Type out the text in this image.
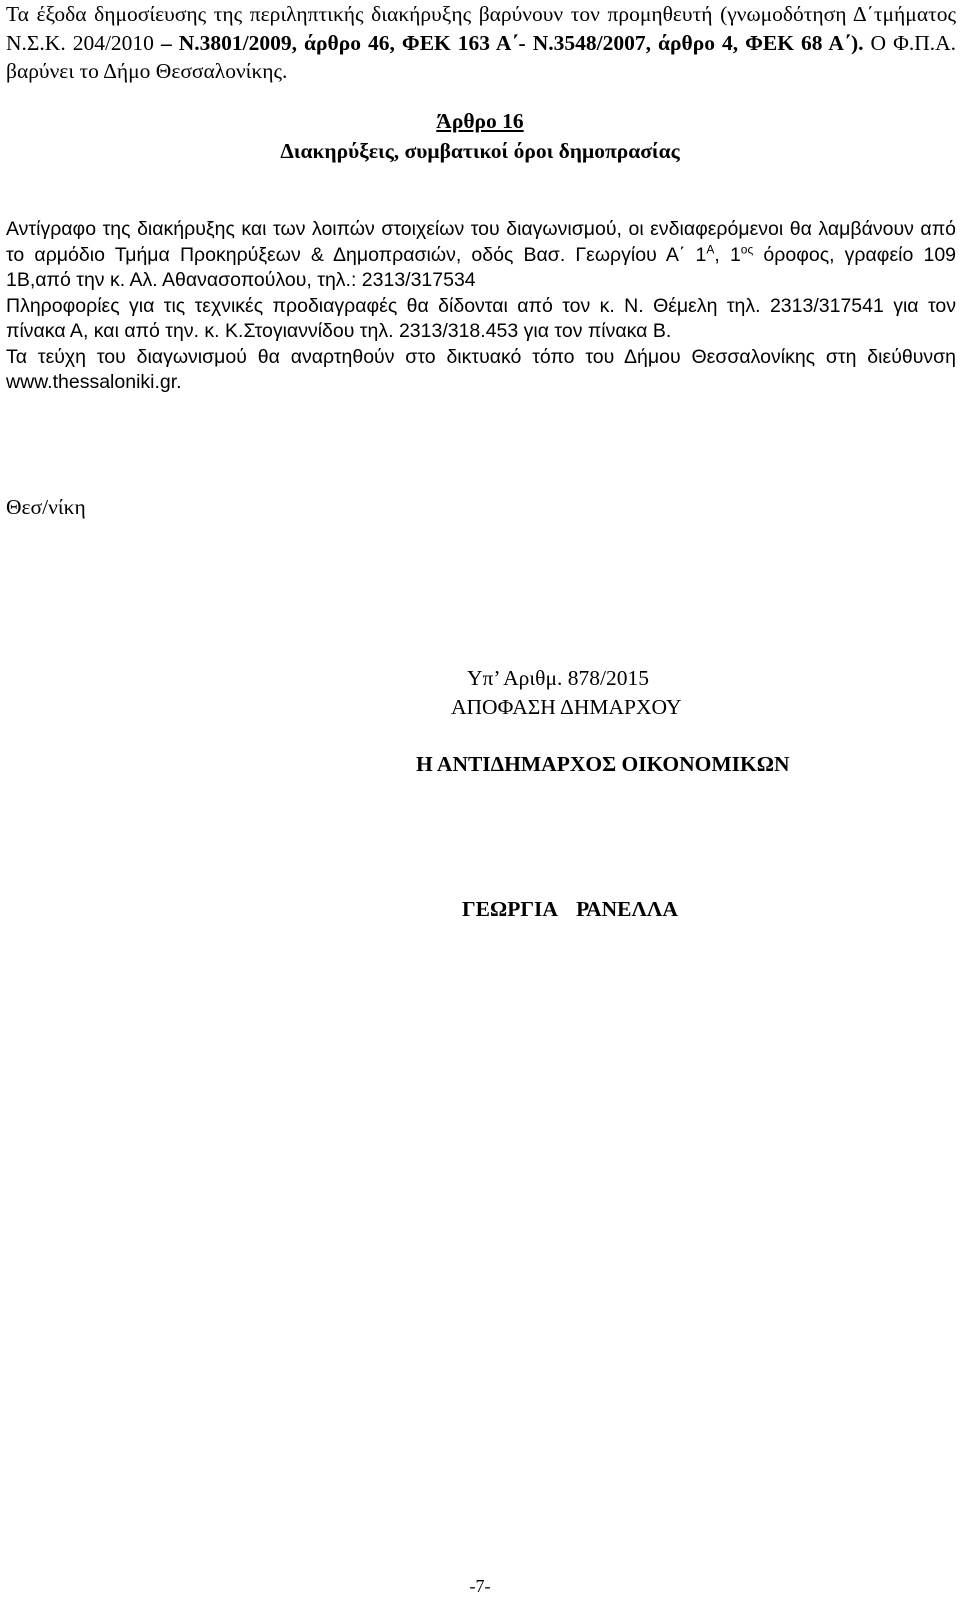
Τα έξοδα δημοσίευσης της περιληπτικής διακήρυξης βαρύνουν τον προμηθευτή (γνωμοδότηση Δ΄τμήματος Ν.Σ.Κ. 204/2010 – Ν.3801/2009, άρθρο 46, ΦΕΚ 163 Α΄- Ν.3548/2007, άρθρο 4, ΦΕΚ 68 Α΄). Ο Φ.Π.Α. βαρύνει το Δήμο Θεσσαλονίκης.

Άρθρο 16
Διακηρύξεις, συμβατικοί όροι δημοπρασίας

Αντίγραφο της διακήρυξης και των λοιπών στοιχείων του διαγωνισμού, οι ενδιαφερόμενοι θα λαμβάνουν από το αρμόδιο Τμήμα Προκηρύξεων & Δημοπρασιών, οδός Βασ. Γεωργίου Α΄ $1^A$, $1^{o\varsigma}$ όροφος, γραφείο 109 1Β,από την κ. Αλ. Αθανασοπούλου, τηλ.: 2313/317534

Πληροφορίες για τις τεχνικές προδιαγραφές θα δίδονται από τον κ. Ν. Θέμελη τηλ. 2313/317541 για τον πίνακα Α, και από την. κ. Κ.Στογιαννίδου τηλ. 2313/318.453 για τον πίνακα Β.

Τα τεύχη του διαγωνισμού θα αναρτηθούν στο δικτυακό τόπο του Δήμου Θεσσαλονίκης στη διεύθυνση www.thessaloniki.gr.

Θεσ/νίκη
Υπ’ Αριθμ. 878/2015
ΑΠΟΦΑΣΗ ΔΗΜΑΡΧΟΥ
Η ΑΝΤΙΔΗΜΑΡΧΟΣ ΟΙΚΟΝΟΜΙΚΩΝ
ΓΕΩΡΓΙΑ ΡΑΝΕΛΛΑ
-7-
